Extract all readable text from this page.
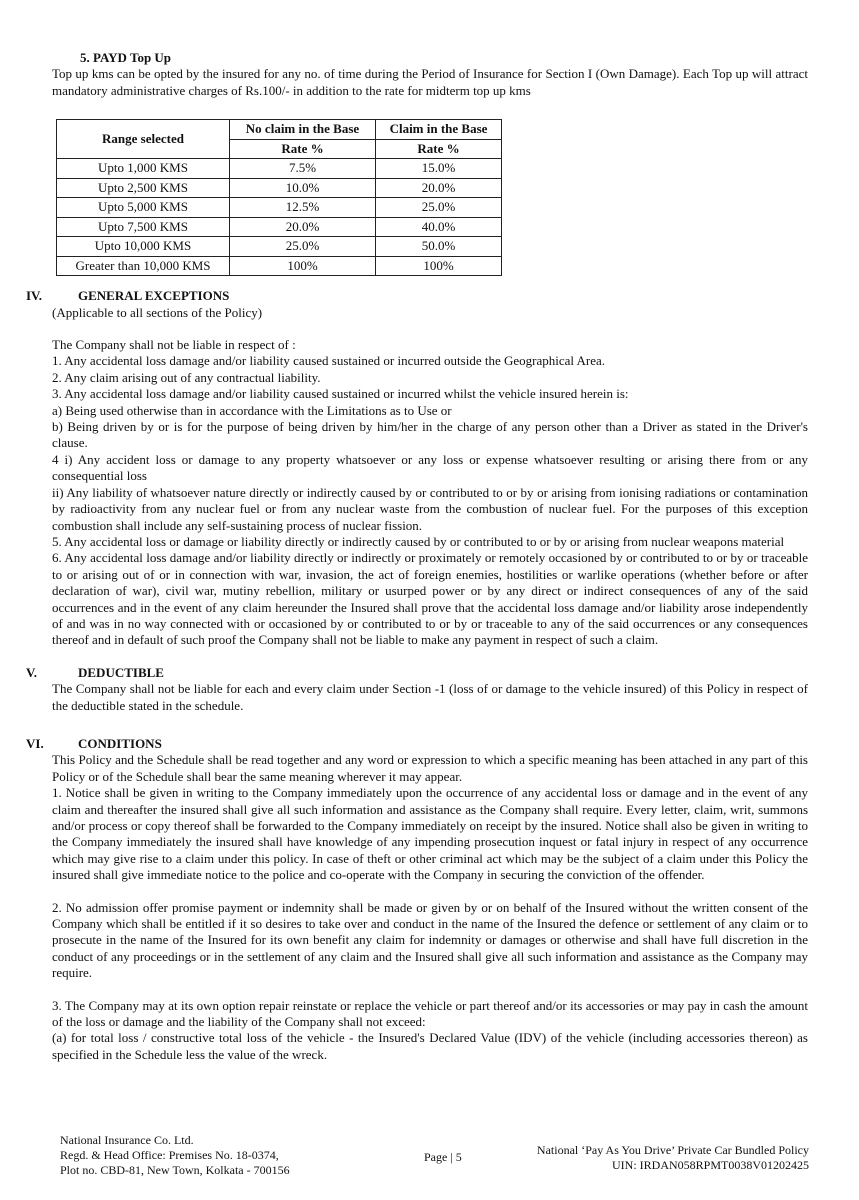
5. PAYD Top Up

Top up kms can be opted by the insured for any no. of time during the Period of Insurance for Section I (Own Damage). Each Top up will attract mandatory administrative charges of Rs.100/- in addition to the rate for midterm top up kms

Range selected	No claim in the Base	Claim in the Base
	Rate %	Rate %
Upto 1,000 KMS	7.5%	15.0%
Upto 2,500 KMS	10.0%	20.0%
Upto 5,000 KMS	12.5%	25.0%
Upto 7,500 KMS	20.0%	40.0%
Upto 10,000 KMS	25.0%	50.0%
Greater than 10,000 KMS	100%	100%
IV.	GENERAL EXCEPTIONS

(Applicable to all sections of the Policy)

The Company shall not be liable in respect of :

1. Any accidental loss damage and/or liability caused sustained or incurred outside the Geographical Area.

2. Any claim arising out of any contractual liability.

3. Any accidental loss damage and/or liability caused sustained or incurred whilst the vehicle insured herein is:

a) Being used otherwise than in accordance with the Limitations as to Use or

b) Being driven by or is for the purpose of being driven by him/her in the charge of any person other than a Driver as stated in the Driver's clause.

4 i) Any accident loss or damage to any property whatsoever or any loss or expense whatsoever resulting or arising there from or any consequential loss

ii) Any liability of whatsoever nature directly or indirectly caused by or contributed to or by or arising from ionising radiations or contamination by radioactivity from any nuclear fuel or from any nuclear waste from the combustion of nuclear fuel. For the purposes of this exception combustion shall include any self-sustaining process of nuclear fission.

5. Any accidental loss or damage or liability directly or indirectly caused by or contributed to or by or arising from nuclear weapons material

6. Any accidental loss damage and/or liability directly or indirectly or proximately or remotely occasioned by or contributed to or by or traceable to or arising out of or in connection with war, invasion, the act of foreign enemies, hostilities or warlike operations (whether before or after declaration of war), civil war, mutiny rebellion, military or usurped power or by any direct or indirect consequences of any of the said occurrences and in the event of any claim hereunder the Insured shall prove that the accidental loss damage and/or liability arose independently of and was in no way connected with or occasioned by or contributed to or by or traceable to any of the said occurrences or any consequences thereof and in default of such proof the Company shall not be liable to make any payment in respect of such a claim.

V.	DEDUCTIBLE

The Company shall not be liable for each and every claim under Section -1 (loss of or damage to the vehicle insured) of this Policy in respect of the deductible stated in the schedule.

VI.	CONDITIONS

This Policy and the Schedule shall be read together and any word or expression to which a specific meaning has been attached in any part of this Policy or of the Schedule shall bear the same meaning wherever it may appear.

1. Notice shall be given in writing to the Company immediately upon the occurrence of any accidental loss or damage and in the event of any claim and thereafter the insured shall give all such information and assistance as the Company shall require. Every letter, claim, writ, summons and/or process or copy thereof shall be forwarded to the Company immediately on receipt by the insured. Notice shall also be given in writing to the Company immediately the insured shall have knowledge of any impending prosecution inquest or fatal injury in respect of any occurrence which may give rise to a claim under this policy. In case of theft or other criminal act which may be the subject of a claim under this Policy the insured shall give immediate notice to the police and co-operate with the Company in securing the conviction of the offender.

2. No admission offer promise payment or indemnity shall be made or given by or on behalf of the Insured without the written consent of the Company which shall be entitled if it so desires to take over and conduct in the name of the Insured the defence or settlement of any claim or to prosecute in the name of the Insured for its own benefit any claim for indemnity or damages or otherwise and shall have full discretion in the conduct of any proceedings or in the settlement of any claim and the Insured shall give all such information and assistance as the Company may require.

3. The Company may at its own option repair reinstate or replace the vehicle or part thereof and/or its accessories or may pay in cash the amount of the loss or damage and the liability of the Company shall not exceed:

(a) for total loss / constructive total loss of the vehicle - the Insured's Declared Value (IDV) of the vehicle (including accessories thereon) as specified in the Schedule less the value of the wreck.

National Insurance Co. Ltd.
Regd. & Head Office: Premises No. 18-0374,
Plot no. CBD-81, New Town, Kolkata - 700156
Page | 5	National ‘Pay As You Drive’ Private Car Bundled Policy
UIN: IRDAN058RPMT0038V01202425
